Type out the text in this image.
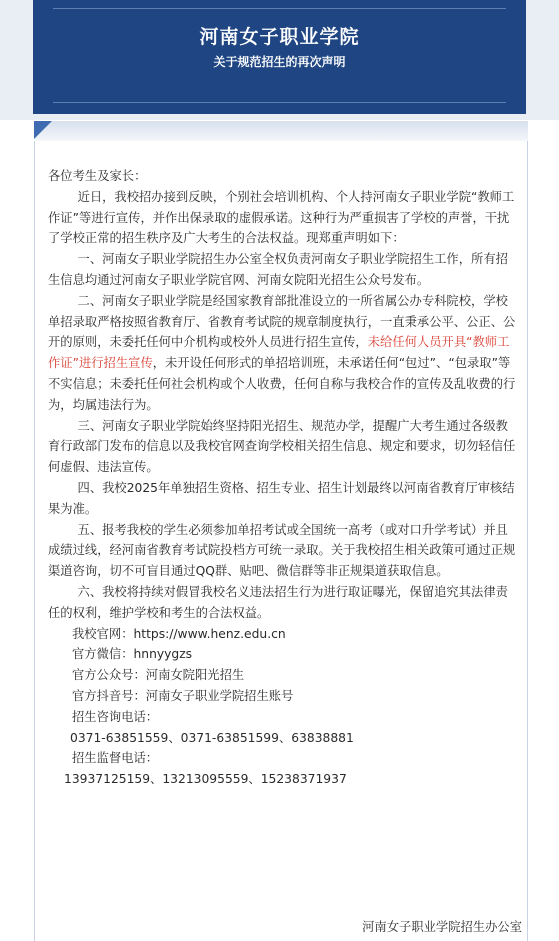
河南女子职业学院
关于规范招生的再次声明

各位考生及家长：

近日，我校招办接到反映，个别社会培训机构、个人持河南女子职业学院“教师工作证”等进行宣传，并作出保录取的虚假承诺。这种行为严重损害了学校的声誉，干扰了学校正常的招生秩序及广大考生的合法权益。现郑重声明如下：

一、河南女子职业学院招生办公室全权负责河南女子职业学院招生工作，所有招生信息均通过河南女子职业学院官网、河南女院阳光招生公众号发布。

二、河南女子职业学院是经国家教育部批准设立的一所省属公办专科院校，学校单招录取严格按照省教育厅、省教育考试院的规章制度执行，一直秉承公平、公正、公开的原则，未委托任何中介机构或校外人员进行招生宣传，未给任何人员开具“教师工作证”进行招生宣传，未开设任何形式的单招培训班，未承诺任何“包过”、“包录取”等不实信息；未委托任何社会机构或个人收费，任何自称与我校合作的宣传及乱收费的行为，均属违法行为。

三、河南女子职业学院始终坚持阳光招生、规范办学，提醒广大考生通过各级教育行政部门发布的信息以及我校官网查询学校相关招生信息、规定和要求，切勿轻信任何虚假、违法宣传。

四、我校2025年单独招生资格、招生专业、招生计划最终以河南省教育厅审核结果为准。

五、报考我校的学生必须参加单招考试或全国统一高考（或对口升学考试）并且成绩过线，经河南省教育考试院投档方可统一录取。关于我校招生相关政策可通过正规渠道咨询，切不可盲目通过QQ群、贴吧、微信群等非正规渠道获取信息。

六、我校将持续对假冒我校名义违法招生行为进行取证曝光，保留追究其法律责任的权利，维护学校和考生的合法权益。

我校官网：https://www.henz.edu.cn

官方微信：hnnyygzs

官方公众号：河南女院阳光招生

官方抖音号：河南女子职业学院招生账号

招生咨询电话：

0371-63851559、0371-63851599、63838881

招生监督电话：

13937125159、13213095559、15238371937

河南女子职业学院招生办公室
